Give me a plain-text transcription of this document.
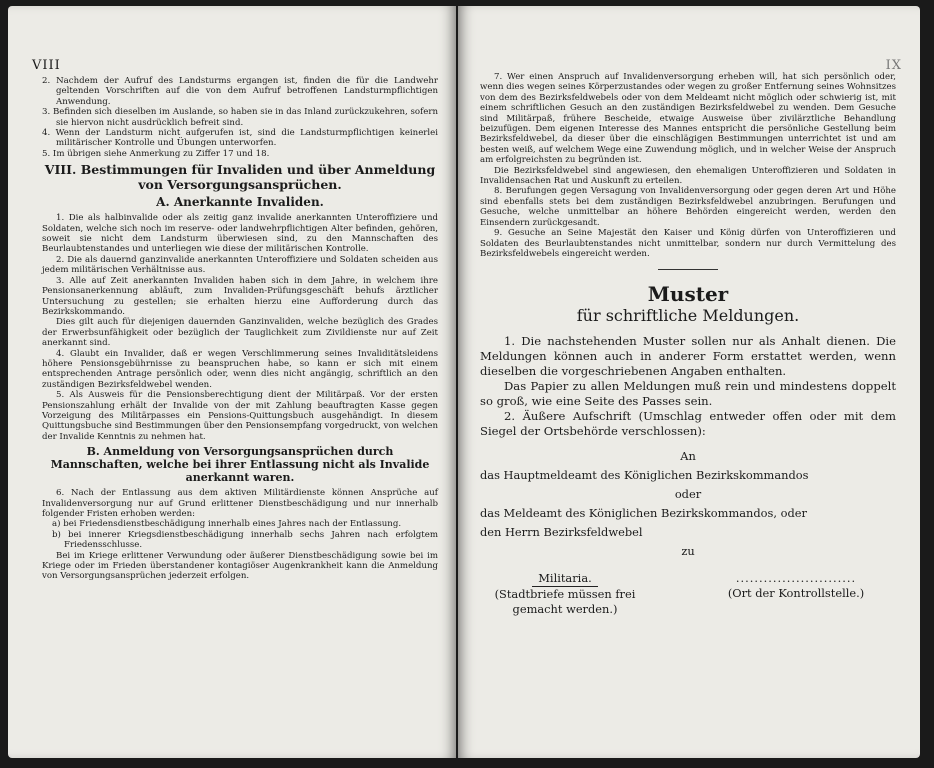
VIII

2. Nachdem der Aufruf des Landsturms ergangen ist, finden die für die Landwehr geltenden Vorschriften auf die von dem Aufruf betroffenen Landsturmpflichtigen Anwendung.

3. Befinden sich dieselben im Auslande, so haben sie in das Inland zurückzukehren, sofern sie hiervon nicht ausdrücklich befreit sind.

4. Wenn der Landsturm nicht aufgerufen ist, sind die Landsturmpflichtigen keinerlei militärischer Kontrolle und Übungen unterworfen.

5. Im übrigen siehe Anmerkung zu Ziffer 17 und 18.

VIII. Bestimmungen für Invaliden und über Anmeldung von Versorgungsansprüchen.

A. Anerkannte Invaliden.

1. Die als halbinvalide oder als zeitig ganz invalide anerkannten Unteroffiziere und Soldaten, welche sich noch im reserve- oder landwehrpflichtigen Alter befinden, gehören, soweit sie nicht dem Landsturm überwiesen sind, zu den Mannschaften des Beurlaubtenstandes und unterliegen wie diese der militärischen Kontrolle.

2. Die als dauernd ganzinvalide anerkannten Unteroffiziere und Soldaten scheiden aus jedem militärischen Verhältnisse aus.

3. Alle auf Zeit anerkannten Invaliden haben sich in dem Jahre, in welchem ihre Pensionsanerkennung abläuft, zum Invaliden-Prüfungsgeschäft behufs ärztlicher Untersuchung zu gestellen; sie erhalten hierzu eine Aufforderung durch das Bezirkskommando.

Dies gilt auch für diejenigen dauernden Ganzinvaliden, welche bezüglich des Grades der Erwerbsunfähigkeit oder bezüglich der Tauglichkeit zum Zivildienste nur auf Zeit anerkannt sind.

4. Glaubt ein Invalider, daß er wegen Verschlimmerung seines Invaliditätsleidens höhere Pensionsgebührnisse zu beanspruchen habe, so kann er sich mit einem entsprechenden Antrage persönlich oder, wenn dies nicht angängig, schriftlich an den zuständigen Bezirksfeldwebel wenden.

5. Als Ausweis für die Pensionsberechtigung dient der Militärpaß. Vor der ersten Pensionszahlung erhält der Invalide von der mit Zahlung beauftragten Kasse gegen Vorzeigung des Militärpasses ein Pensions-Quittungsbuch ausgehändigt. In diesem Quittungsbuche sind Bestimmungen über den Pensionsempfang vorgedruckt, von welchen der Invalide Kenntnis zu nehmen hat.

B. Anmeldung von Versorgungsansprüchen durch Mannschaften, welche bei ihrer Entlassung nicht als Invalide anerkannt waren.

6. Nach der Entlassung aus dem aktiven Militärdienste können Ansprüche auf Invalidenversorgung nur auf Grund erlittener Dienstbeschädigung und nur innerhalb folgender Fristen erhoben werden:

a) bei Friedensdienstbeschädigung innerhalb eines Jahres nach der Entlassung.

b) bei innerer Kriegsdienstbeschädigung innerhalb sechs Jahren nach erfolgtem Friedensschlusse.

Bei im Kriege erlittener Verwundung oder äußerer Dienstbeschädigung sowie bei im Kriege oder im Frieden überstandener kontagiöser Augenkrankheit kann die Anmeldung von Versorgungsansprüchen jederzeit erfolgen.

IX

7. Wer einen Anspruch auf Invalidenversorgung erheben will, hat sich persönlich oder, wenn dies wegen seines Körperzustandes oder wegen zu großer Entfernung seines Wohnsitzes von dem des Bezirksfeldwebels oder von dem Meldeamt nicht möglich oder schwierig ist, mit einem schriftlichen Gesuch an den zuständigen Bezirksfeldwebel zu wenden. Dem Gesuche sind Militärpaß, frühere Bescheide, etwaige Ausweise über zivilärztliche Behandlung beizufügen. Dem eigenen Interesse des Mannes entspricht die persönliche Gestellung beim Bezirksfeldwebel, da dieser über die einschlägigen Bestimmungen unterrichtet ist und am besten weiß, auf welchem Wege eine Zuwendung möglich, und in welcher Weise der Anspruch am erfolgreichsten zu begründen ist.

Die Bezirksfeldwebel sind angewiesen, den ehemaligen Unteroffizieren und Soldaten in Invalidensachen Rat und Auskunft zu erteilen.

8. Berufungen gegen Versagung von Invalidenversorgung oder gegen deren Art und Höhe sind ebenfalls stets bei dem zuständigen Bezirksfeldwebel anzubringen. Berufungen und Gesuche, welche unmittelbar an höhere Behörden eingereicht werden, werden den Einsendern zurückgesandt.

9. Gesuche an Seine Majestät den Kaiser und König dürfen von Unteroffizieren und Soldaten des Beurlaubtenstandes nicht unmittelbar, sondern nur durch Vermittelung des Bezirksfeldwebels eingereicht werden.

Muster

für schriftliche Meldungen.

1. Die nachstehenden Muster sollen nur als Anhalt dienen. Die Meldungen können auch in anderer Form erstattet werden, wenn dieselben die vorgeschriebenen Angaben enthalten.

Das Papier zu allen Meldungen muß rein und mindestens doppelt so groß, wie eine Seite des Passes sein.

2. Äußere Aufschrift (Umschlag entweder offen oder mit dem Siegel der Ortsbehörde verschlossen):

An

das Hauptmeldeamt des Königlichen Bezirkskommandos

oder

das Meldeamt des Königlichen Bezirkskommandos, oder

den Herrn Bezirksfeldwebel

zu

Militaria.

(Stadtbriefe müssen frei gemacht werden.)

..........................

(Ort der Kontrollstelle.)
